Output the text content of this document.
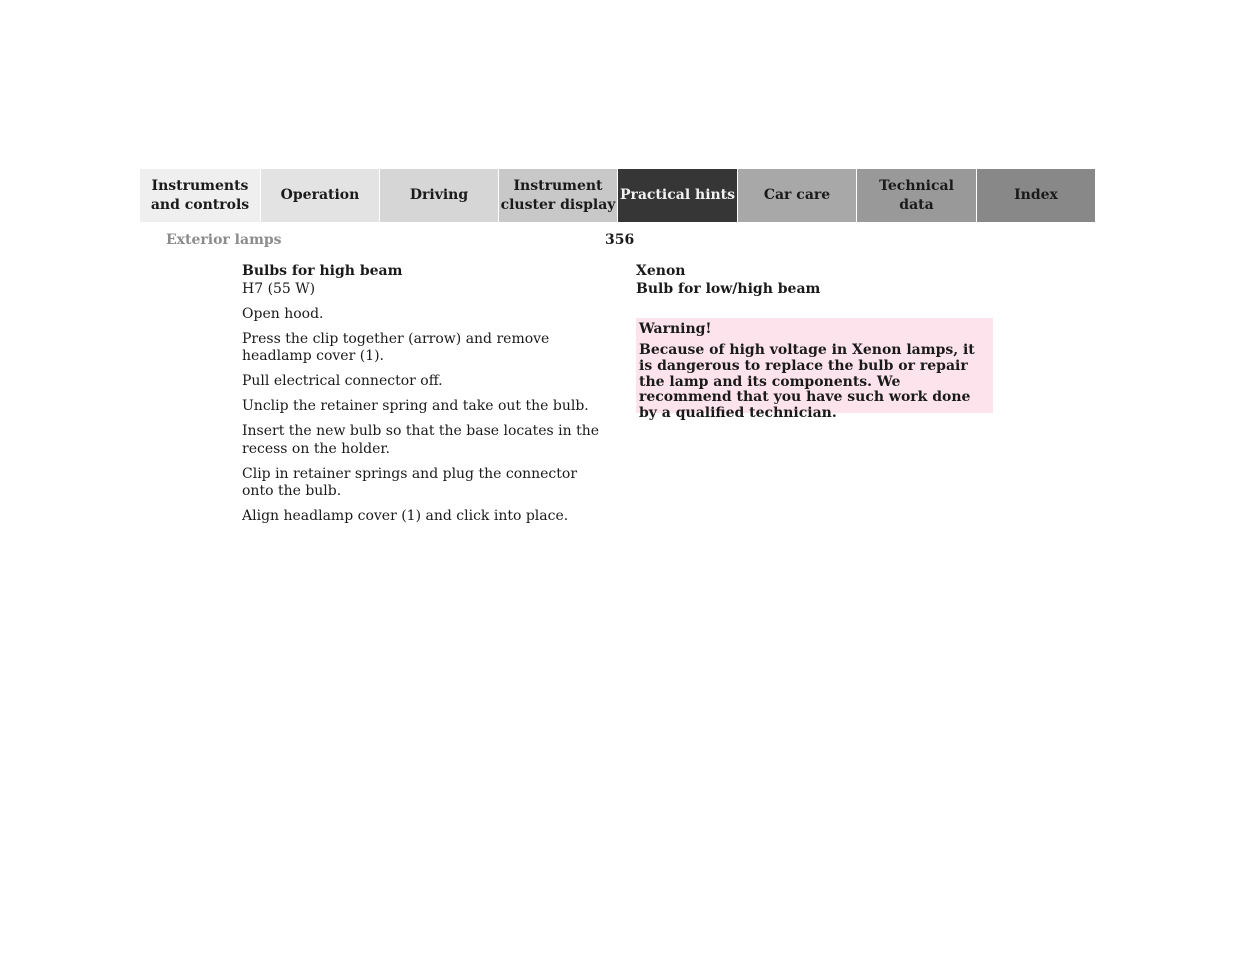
Instruments
and controls
Operation	Driving
Instrument
cluster display
Practical hints	Car care
Technical
data
Index
Exterior lamps	356
Bulbs for high beam
H7 (55 W)

Open hood.

Press the clip together (arrow) and remove headlamp cover (1).

Pull electrical connector off.

Unclip the retainer spring and take out the bulb.

Insert the new bulb so that the base locates in the recess on the holder.

Clip in retainer springs and plug the connector onto the bulb.

Align headlamp cover (1) and click into place.

Xenon
Bulb for low/high beam
Warning!
Because of high voltage in Xenon lamps, it is dangerous to replace the bulb or repair the lamp and its components. We recommend that you have such work done by a qualified technician.
